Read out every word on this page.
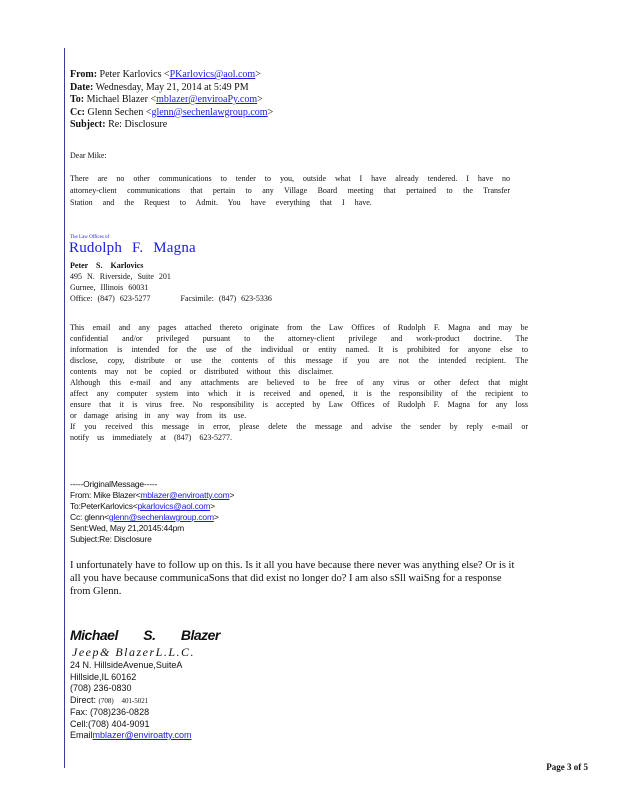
From: Peter Karlovics <PKarlovics@aol.com>
Date: Wednesday, May 21, 2014 at 5:49 PM
To: Michael Blazer <mblazer@enviroaPy.com>
Cc: Glenn Sechen <glenn@sechenlawgroup.com>
Subject: Re: Disclosure
Dear Mike:
There are no other communications to tender to you, outside what I have already tendered. I have no
attorney-client communications that pertain to any Village Board meeting that pertained to the Transfer
Station and the Request to Admit. You have everything that I have.
The Law Offices of
Rudolph F. Magna
Peter S. Karlovics
495 N. Riverside, Suite 201
Gurnee, Illinois 60031
Office: (847) 623-5277	Facsimile: (847) 623-5336
This email and any pages attached thereto originate from the Law Offices of Rudolph F. Magna and may be
confidential and/or privileged pursuant to the attorney-client privilege and work-product doctrine. The
information is intended for the use of the individual or entity named. It is prohibited for anyone else to
disclose, copy, distribute or use the contents of this message if you are not the intended recipient. The
contents may not be copied or distributed without this disclaimer.
Although this e-mail and any attachments are believed to be free of any virus or other defect that might
affect any computer system into which it is received and opened, it is the responsibility of the recipient to
ensure that it is virus free. No responsibility is accepted by Law Offices of Rudolph F. Magna for any loss
or damage arising in any way from its use.
If you received this message in error, please delete the message and advise the sender by reply e-mail or
notify us immediately at (847) 623-5277.
-----OriginalMessage-----
From: Mike Blazer<mblazer@enviroatty.com>
To:PeterKarlovics<pkarlovics@aol.com>
Cc: glenn<glenn@sechenlawgroup.com>
Sent:Wed, May 21,20145:44pm
Subject:Re: Disclosure
I unfortunately have to follow up on this. Is it all you have because there never was anything else? Or is it
all you have because communicaSons that did exist no longer do? I am also sSll waiSng for a response
from Glenn.
Michael S. Blazer
Jeep& BlazerL.L.C.
24 N. HillsideAvenue,SuiteA
Hillside,IL 60162
(708) 236-0830
Direct: (708) 401-5021
Fax: (708)236-0828
Cell:(708) 404-9091
Emailmblazer@enviroatty.com
Page 3 of 5
